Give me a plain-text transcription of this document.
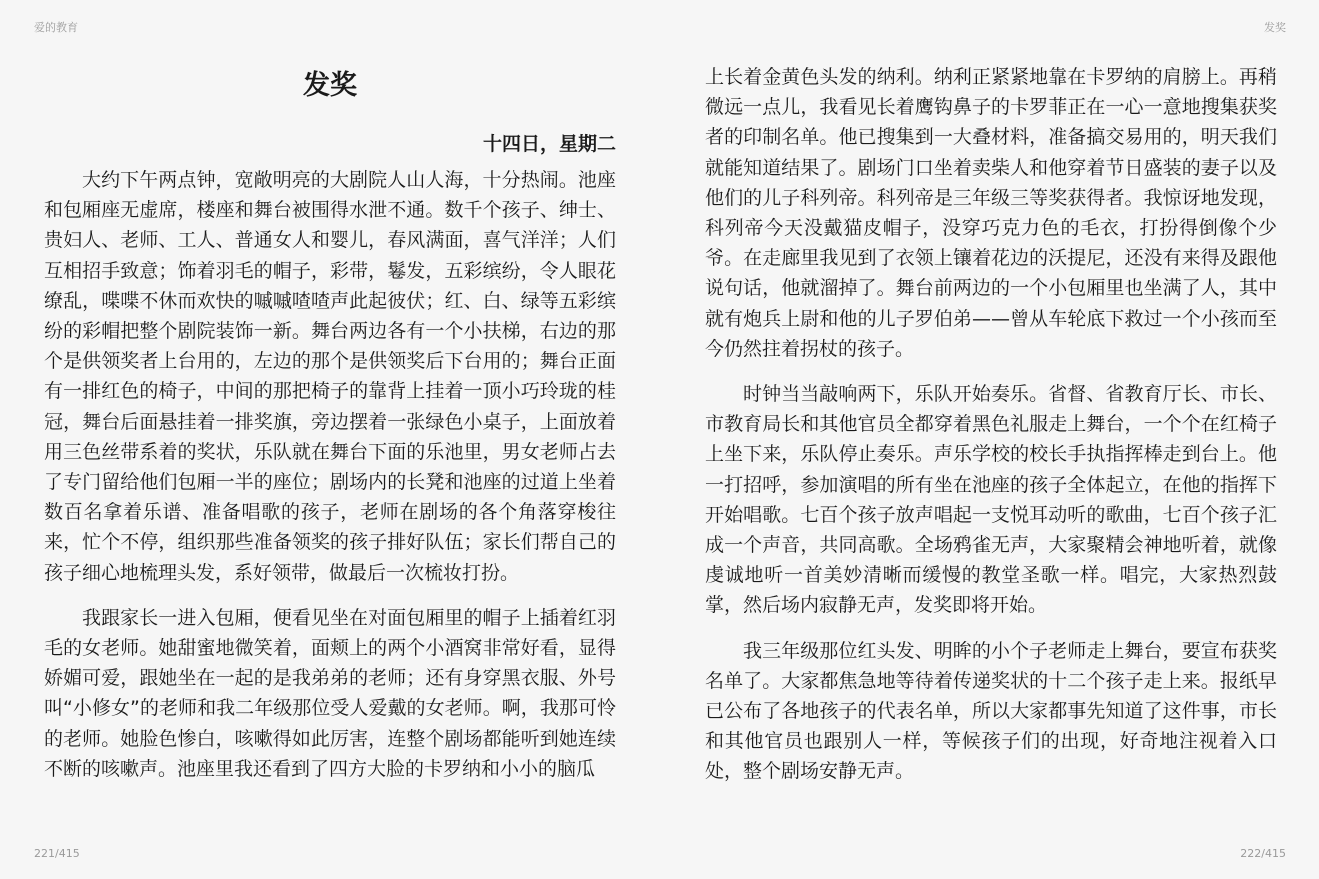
爱的教育	发奖
发奖
十四日，星期二

大约下午两点钟，宽敞明亮的大剧院人山人海，十分热闹。池座和包厢座无虚席，楼座和舞台被围得水泄不通。数千个孩子、绅士、贵妇人、老师、工人、普通女人和婴儿，春风满面，喜气洋洋；人们互相招手致意；饰着羽毛的帽子，彩带，鬈发，五彩缤纷，令人眼花缭乱，喋喋不休而欢快的嘁嘁喳喳声此起彼伏；红、白、绿等五彩缤纷的彩帽把整个剧院装饰一新。舞台两边各有一个小扶梯，右边的那个是供领奖者上台用的，左边的那个是供领奖后下台用的；舞台正面有一排红色的椅子，中间的那把椅子的靠背上挂着一顶小巧玲珑的桂冠，舞台后面悬挂着一排奖旗，旁边摆着一张绿色小桌子，上面放着用三色丝带系着的奖状，乐队就在舞台下面的乐池里，男女老师占去了专门留给他们包厢一半的座位；剧场内的长凳和池座的过道上坐着数百名拿着乐谱、准备唱歌的孩子，老师在剧场的各个角落穿梭往来，忙个不停，组织那些准备领奖的孩子排好队伍；家长们帮自己的孩子细心地梳理头发，系好领带，做最后一次梳妆打扮。

我跟家长一进入包厢，便看见坐在对面包厢里的帽子上插着红羽毛的女老师。她甜蜜地微笑着，面颊上的两个小酒窝非常好看，显得娇媚可爱，跟她坐在一起的是我弟弟的老师；还有身穿黑衣服、外号叫“小修女”的老师和我二年级那位受人爱戴的女老师。啊，我那可怜的老师。她脸色惨白，咳嗽得如此厉害，连整个剧场都能听到她连续不断的咳嗽声。池座里我还看到了四方大脸的卡罗纳和小小的脑瓜

上长着金黄色头发的纳利。纳利正紧紧地靠在卡罗纳的肩膀上。再稍微远一点儿，我看见长着鹰钩鼻子的卡罗菲正在一心一意地搜集获奖者的印制名单。他已搜集到一大叠材料，准备搞交易用的，明天我们就能知道结果了。剧场门口坐着卖柴人和他穿着节日盛装的妻子以及他们的儿子科列帝。科列帝是三年级三等奖获得者。我惊讶地发现，科列帝今天没戴猫皮帽子，没穿巧克力色的毛衣，打扮得倒像个少爷。在走廊里我见到了衣领上镶着花边的沃提尼，还没有来得及跟他说句话，他就溜掉了。舞台前两边的一个小包厢里也坐满了人，其中就有炮兵上尉和他的儿子罗伯弟——曾从车轮底下救过一个小孩而至今仍然拄着拐杖的孩子。

时钟当当敲响两下，乐队开始奏乐。省督、省教育厅长、市长、市教育局长和其他官员全都穿着黑色礼服走上舞台，一个个在红椅子上坐下来，乐队停止奏乐。声乐学校的校长手执指挥棒走到台上。他一打招呼，参加演唱的所有坐在池座的孩子全体起立，在他的指挥下开始唱歌。七百个孩子放声唱起一支悦耳动听的歌曲，七百个孩子汇成一个声音，共同高歌。全场鸦雀无声，大家聚精会神地听着，就像虔诚地听一首美妙清晰而缓慢的教堂圣歌一样。唱完，大家热烈鼓掌，然后场内寂静无声，发奖即将开始。

我三年级那位红头发、明眸的小个子老师走上舞台，要宣布获奖名单了。大家都焦急地等待着传递奖状的十二个孩子走上来。报纸早已公布了各地孩子的代表名单，所以大家都事先知道了这件事，市长和其他官员也跟别人一样，等候孩子们的出现，好奇地注视着入口处，整个剧场安静无声。

221/415	222/415
